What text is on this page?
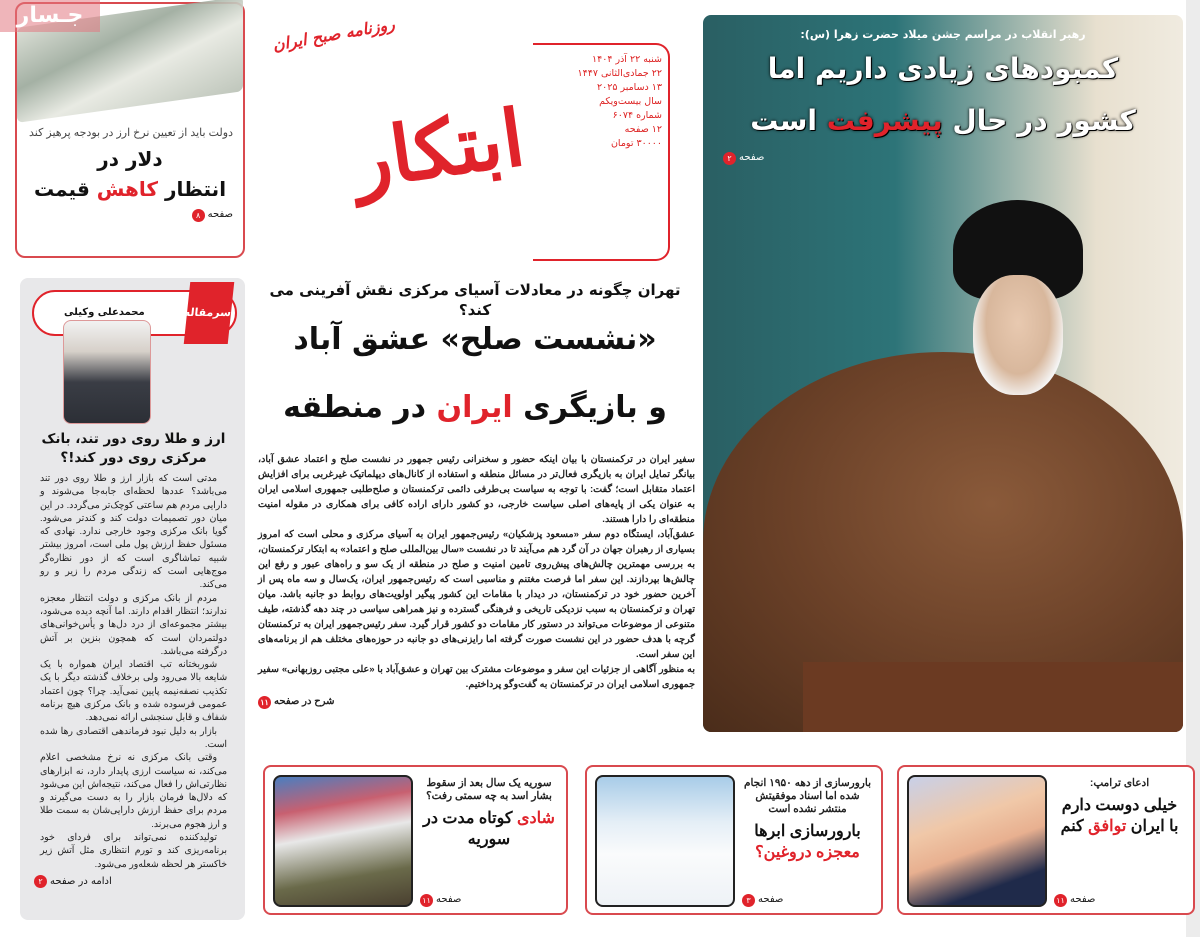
دولت باید از تعیین نرخ ارز در بودجه پرهیز کند
دلار در
انتظار کاهش قیمت
صفحه
۸
جـسار	روزنامه صبح ایران
ابتکار
شنبه ۲۲ آذر ۱۴۰۴
۲۲ جمادی‌الثانی ۱۴۴۷
۱۳ دسامبر ۲۰۲۵
سال بیست‌ویکم
شماره ۶۰۷۴
۱۲ صفحه
۳۰۰۰۰ تومان
تهران چگونه در معادلات آسیای مرکزی نقش آفرینی می کند؟
«نشست صلح» عشق آباد
و بازیگری ایران در منطقه

سفیر ایران در ترکمنستان با بیان اینکه حضور و سخنرانی رئیس جمهور در نشست صلح و اعتماد عشق آباد، بیانگر تمایل ایران به بازیگری فعال‌تر در مسائل منطقه و استفاده از کانال‌های دیپلماتیک غیرغربی برای افزایش اعتماد متقابل است؛ گفت: با توجه به سیاست بی‌طرفی دائمی ترکمنستان و صلح‌طلبی جمهوری اسلامی ایران به عنوان یکی از پایه‌های اصلی سیاست خارجی، دو کشور دارای اراده کافی برای همکاری در مقوله امنیت منطقه‌ای را دارا هستند.

عشق‌آباد، ایستگاه دوم سفر «مسعود پزشکیان» رئیس‌جمهور ایران به آسیای مرکزی و محلی است که امروز بسیاری از رهبران جهان در آن گرد هم می‌آیند تا در نشست «سال بین‌المللی صلح و اعتماد» به ابتکار ترکمنستان، به بررسی مهمترین چالش‌های پیش‌روی تامین امنیت و صلح در منطقه از یک سو و راه‌های عبور و رفع این چالش‌ها بپردازند. این سفر اما فرصت مغتنم و مناسبی است که رئیس‌جمهور ایران، یک‌سال و سه ماه پس از آخرین حضور خود در ترکمنستان، در دیدار با مقامات این کشور پیگیر اولویت‌های روابط دو جانبه باشد. میان تهران و ترکمنستان به سبب نزدیکی تاریخی و فرهنگی گسترده و نیز همراهی سیاسی در چند دهه گذشته، طیف متنوعی از موضوعات می‌تواند در دستور کار مقامات دو کشور قرار گیرد. سفر رئیس‌جمهور ایران به ترکمنستان گرچه با هدف حضور در این نشست صورت گرفته اما رایزنی‌های دو جانبه در حوزه‌های مختلف هم از برنامه‌های این سفر است.

به منظور آگاهی از جزئیات این سفر و موضوعات مشترک بین تهران و عشق‌آباد با «علی مجتبی روزبهانی» سفیر جمهوری اسلامی ایران در ترکمنستان به گفت‌وگو پرداختیم.

شرح در صفحه
۱۱
محمدعلی وکیلی	سرمقاله
ارز و طلا روی دور تند، بانک مرکزی روی دور کند!؟

مدتی است که بازار ارز و طلا روی دور تند می‌باشد؟ عددها لحظه‌ای جابه‌جا می‌شوند و دارایی مردم هم ساعتی کوچک‌تر می‌گردد. در این میان دور تصمیمات دولت کند و کندتر می‌شود. گویا بانک مرکزی وجود خارجی ندارد. نهادی که مسئول حفظ ارزش پول ملی است، امروز بیشتر شبیه تماشاگری است که از دور نظاره‌گر موج‌هایی است که زندگی مردم را زیر و رو می‌کند.

مردم از بانک مرکزی و دولت انتظار معجزه ندارند؛ انتظار اقدام دارند. اما آنچه دیده می‌شود، بیشتر مجموعه‌ای از درد دل‌ها و یأس‌خوانی‌های دولتمردان است که همچون بنزین بر آتش درگرفته می‌باشد.

شوربختانه تب اقتصاد ایران همواره با یک شایعه بالا می‌رود ولی برخلاف گذشته دیگر با یک تکذیب نصفه‌نیمه پایین نمی‌آید. چرا؟ چون اعتماد عمومی فرسوده شده و بانک مرکزی هیچ برنامه شفاف و قابل سنجشی ارائه نمی‌دهد.

بازار به دلیل نبود فرماندهی اقتصادی رها شده است.

وقتی بانک مرکزی نه نرخ مشخصی اعلام می‌کند، نه سیاست ارزی پایدار دارد، نه ابزارهای نظارتی‌اش را فعال می‌کند، نتیجه‌اش این می‌شود که دلال‌ها فرمان بازار را به دست می‌گیرند و مردم برای حفظ ارزش دارایی‌شان به سمت طلا و ارز هجوم می‌برند.

تولیدکننده نمی‌تواند برای فردای خود برنامه‌ریزی کند و تورم انتظاری مثل آتش زیر خاکستر هر لحظه شعله‌ور می‌شود.

ادامه در صفحه
۲
رهبر انقلاب در مراسم جشن میلاد حضرت زهرا (س):
کمبودهای زیادی داریم اما
کشور در حال پیشرفت است
صفحه
۲
ادعای ترامپ:
خیلی دوست دارم
با ایران توافق کنم
صفحه
۱۱
بارورسازی از دهه ۱۹۵۰ انجام شده اما اسناد موفقیتش منتشر نشده است
بارورسازی ابرها
معجزه دروغین؟
صفحه
۳
سوریه یک سال بعد از سقوط بشار اسد به چه سمتی رفت؟
شادی کوتاه مدت در سوریه
صفحه
۱۱
